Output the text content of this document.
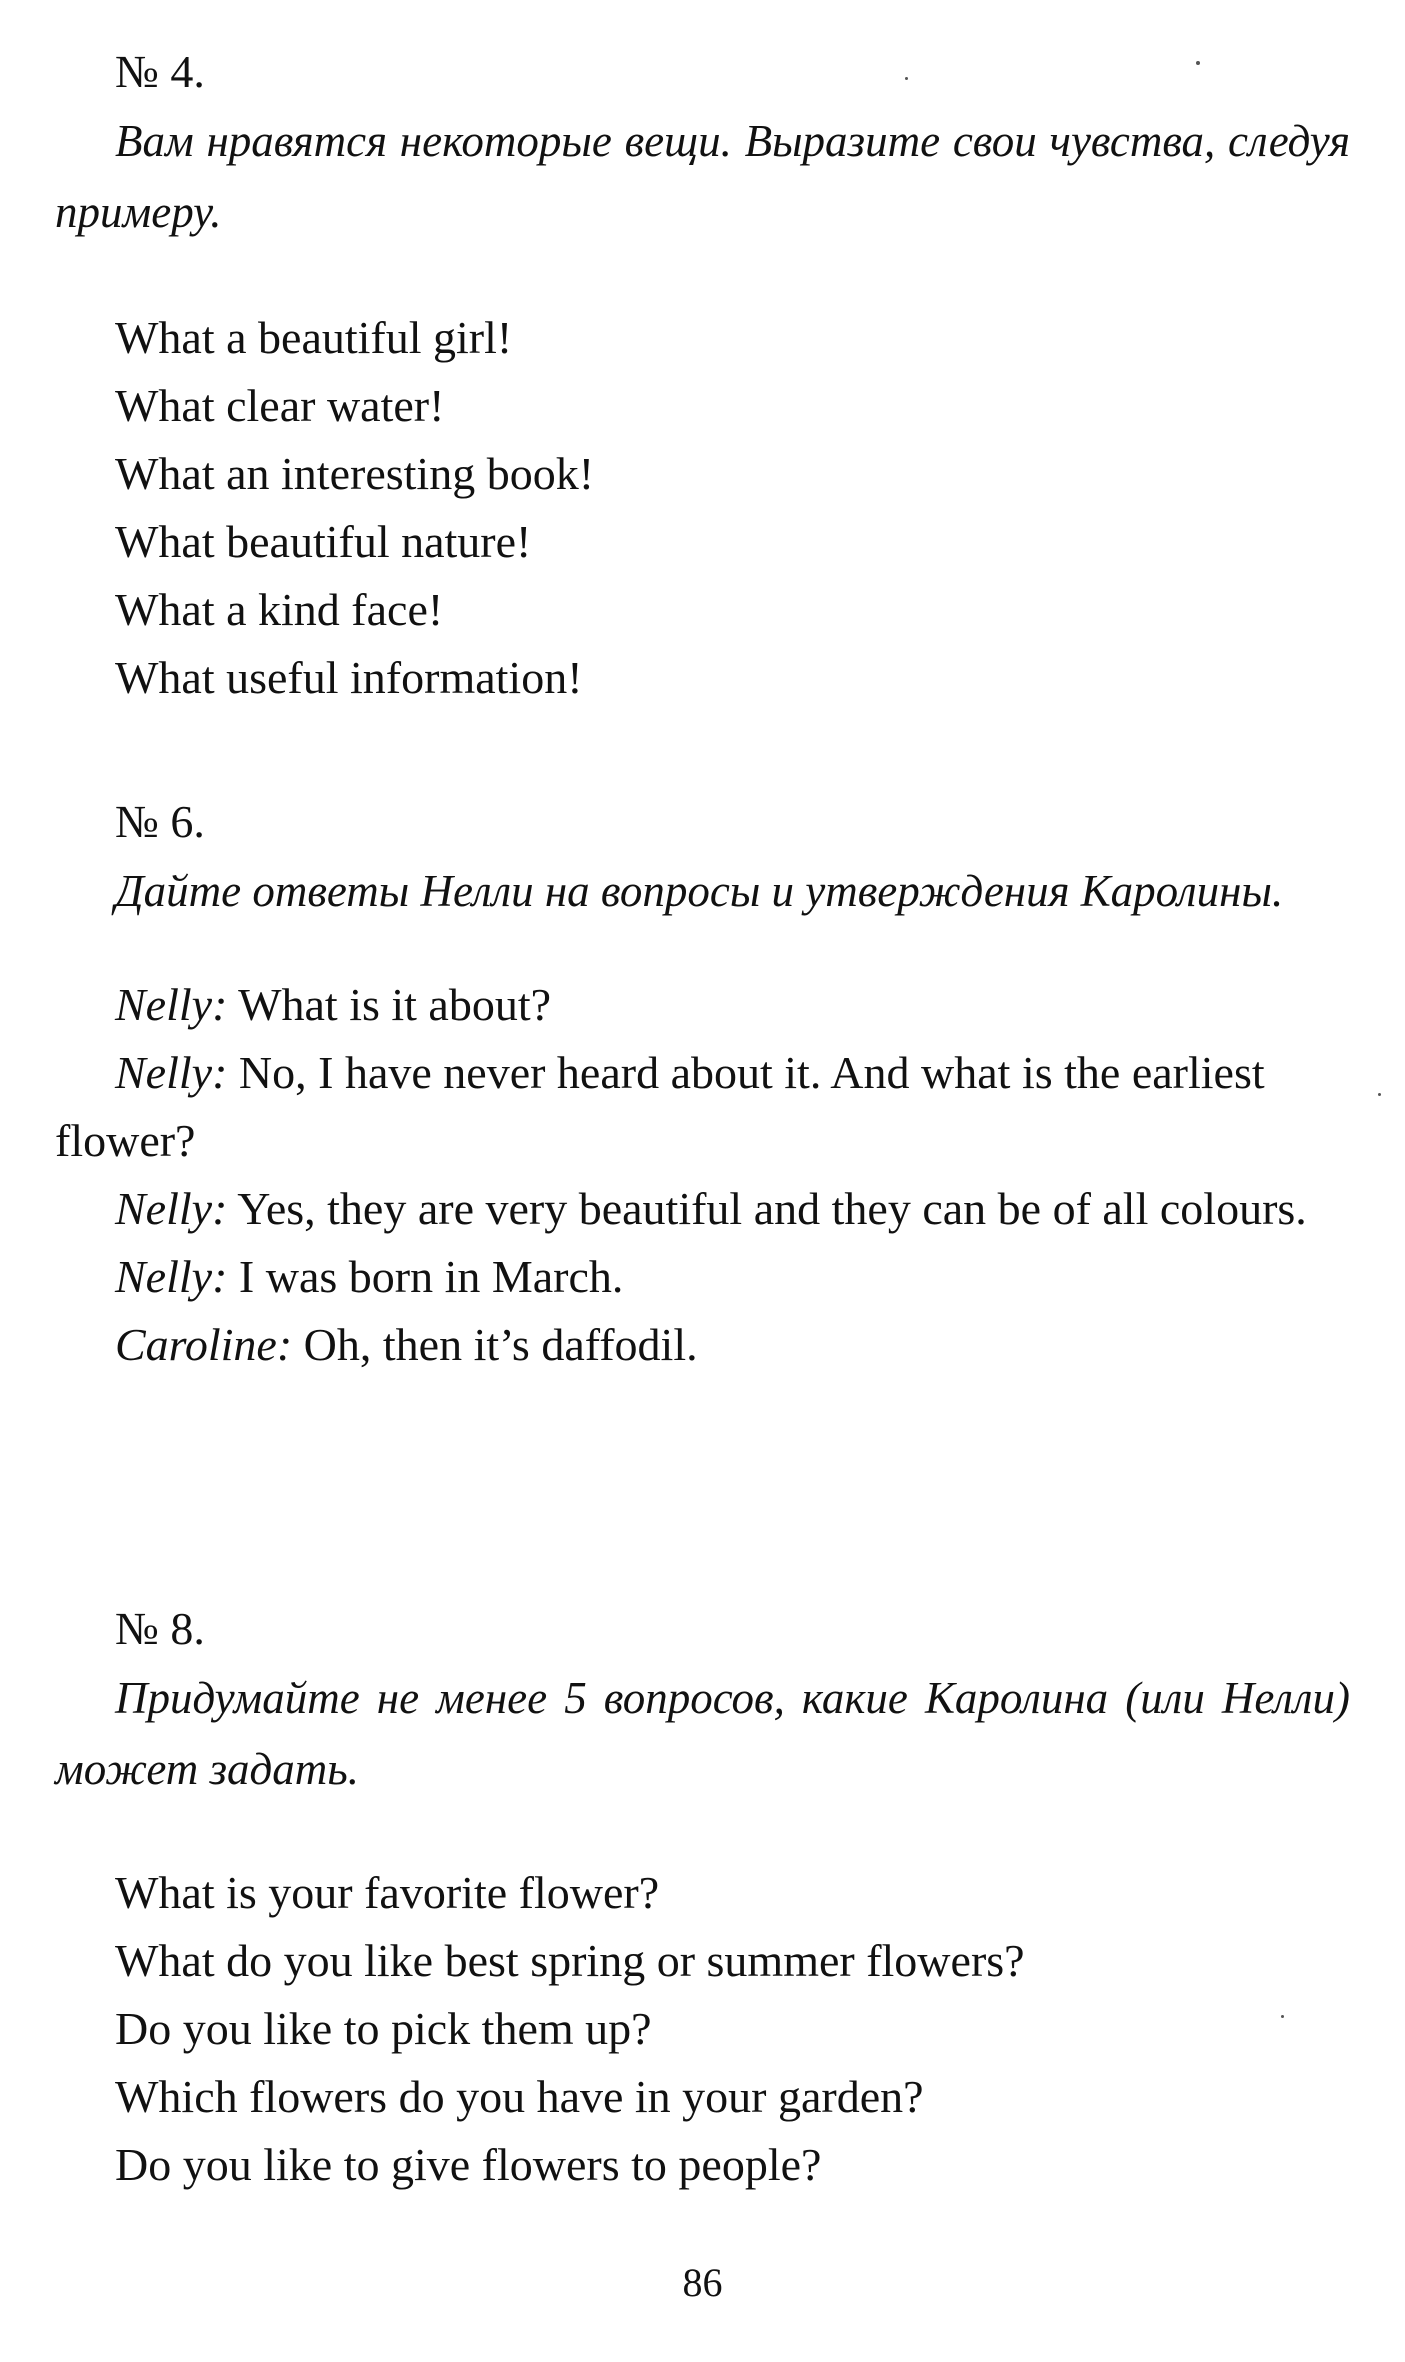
№ 4.
Вам нравятся некоторые вещи. Выразите свои чувства, следуя примеру.
What a beautiful girl!
What clear water!
What an interesting book!
What beautiful nature!
What a kind face!
What useful information!
№ 6.
Дайте ответы Нелли на вопросы и утверждения Каролины.
Nelly: What is it about?
Nelly: No, I have never heard about it. And what is the earliest flower?
Nelly: Yes, they are very beautiful and they can be of all colours.
Nelly: I was born in March.
Caroline: Oh, then it’s daffodil.
№ 8.
Придумайте не менее 5 вопросов, какие Каролина (или Нелли) может задать.
What is your favorite flower?
What do you like best spring or summer flowers?
Do you like to pick them up?
Which flowers do you have in your garden?
Do you like to give flowers to people?
86
